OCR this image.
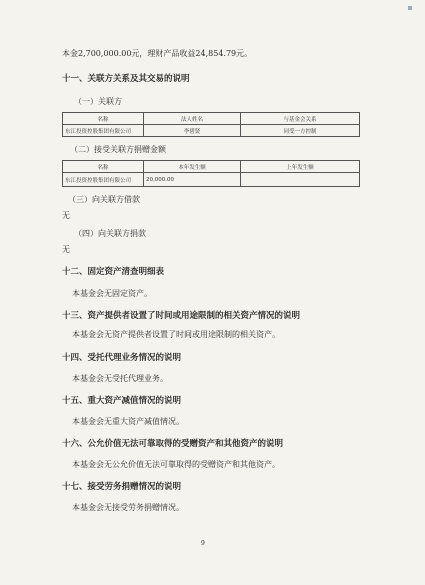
本金2,700,000.00元，理财产品收益24,854.79元。
十一、关联方关系及其交易的说明
（一）关联方
名称	法人姓名	与基金会关系
东江投资控股集团有限公司	李碧贤	同受一方控制
（二）接受关联方捐赠金额
名称	本年发生额	上年发生额
东江投资控股集团有限公司	20,000.00	
（三）向关联方借款
无
（四）向关联方捐款
无
十二、固定资产清查明细表
本基金会无固定资产。
十三、资产提供者设置了时间或用途限制的相关资产情况的说明
本基金会无资产提供者设置了时间或用途限制的相关资产。
十四、受托代理业务情况的说明
本基金会无受托代理业务。
十五、重大资产减值情况的说明
本基金会无重大资产减值情况。
十六、公允价值无法可靠取得的受赠资产和其他资产的说明
本基金会无公允价值无法可靠取得的受赠资产和其他资产。
十七、接受劳务捐赠情况的说明
本基金会无接受劳务捐赠情况。
9
